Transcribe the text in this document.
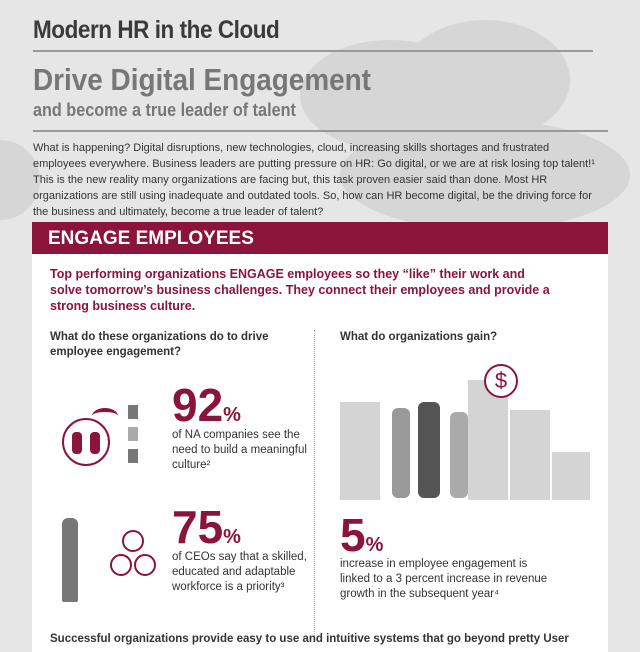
Modern HR in the Cloud
Drive Digital Engagement
and become a true leader of talent
What is happening? Digital disruptions, new technologies, cloud, increasing skills shortages and frustrated employees everywhere. Business leaders are putting pressure on HR: Go digital, or we are at risk losing top talent!¹ This is the new reality many organizations are facing but, this task proven easier said than done. Most HR organizations are still using inadequate and outdated tools. So, how can HR become digital, be the driving force for the business and ultimately, become a true leader of talent?
ENGAGE EMPLOYEES
Top performing organizations ENGAGE employees so they “like” their work and solve tomorrow’s business challenges. They connect their employees and provide a strong business culture.
What do these organizations do to drive employee engagement?
92%
of NA companies see the need to build a meaningful culture²
75%
of CEOs say that a skilled, educated and adaptable workforce is a priority³
What do organizations gain?
$
5%
increase in employee engagement is linked to a 3 percent increase in revenue growth in the subsequent year⁴
Successful organizations provide easy to use and intuitive systems that go beyond pretty User
